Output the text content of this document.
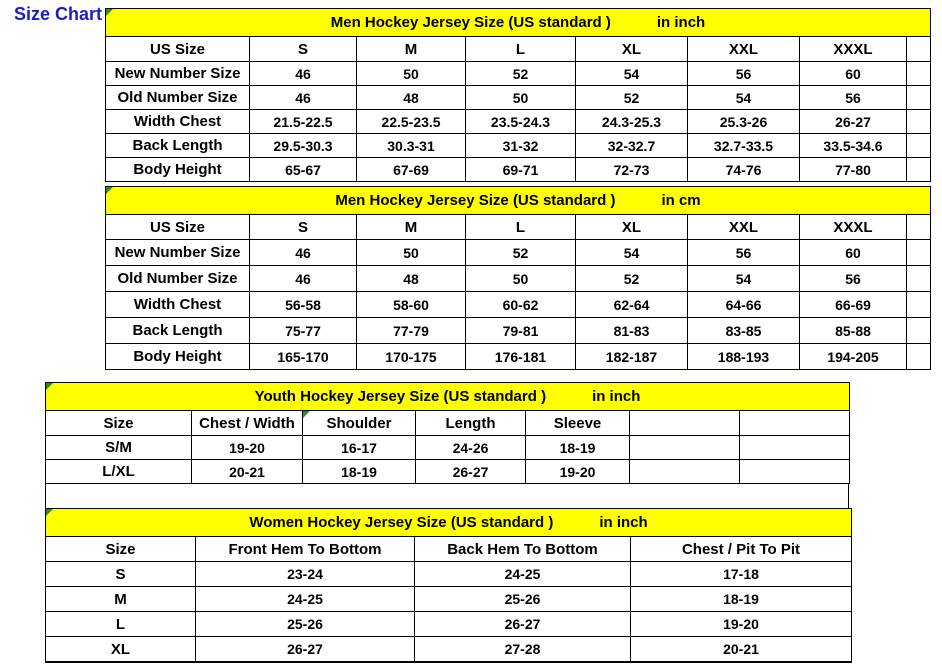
Size Chart	Men Hockey Jersey Size (US standard ) in inch							

US Size	S	M	L	XL	XXL	XXXL	
New Number Size	46	50	52	54	56	60	
Old Number Size	46	48	50	52	54	56	
Width Chest	21.5-22.5	22.5-23.5	23.5-24.3	24.3-25.3	25.3-26	26-27	
Back Length	29.5-30.3	30.3-31	31-32	32-32.7	32.7-33.5	33.5-34.6	
Body Height	65-67	67-69	69-71	72-73	74-76	77-80	
Men Hockey Jersey Size (US standard ) in cm							

US Size	S	M	L	XL	XXL	XXXL	
New Number Size	46	50	52	54	56	60	
Old Number Size	46	48	50	52	54	56	
Width Chest	56-58	58-60	60-62	62-64	64-66	66-69	
Back Length	75-77	77-79	79-81	81-83	83-85	85-88	
Body Height	165-170	170-175	176-181	182-187	188-193	194-205	
Youth Hockey Jersey Size (US standard ) in inch						

Size	Chest / Width	Shoulder	Length	Sleeve		
S/M	19-20	16-17	24-26	18-19		
L/XL	20-21	18-19	26-27	19-20		
Women Hockey Jersey Size (US standard ) in inch			

Size	Front Hem To Bottom	Back Hem To Bottom	Chest / Pit To Pit
S	23-24	24-25	17-18
M	24-25	25-26	18-19
L	25-26	26-27	19-20
XL	26-27	27-28	20-21
